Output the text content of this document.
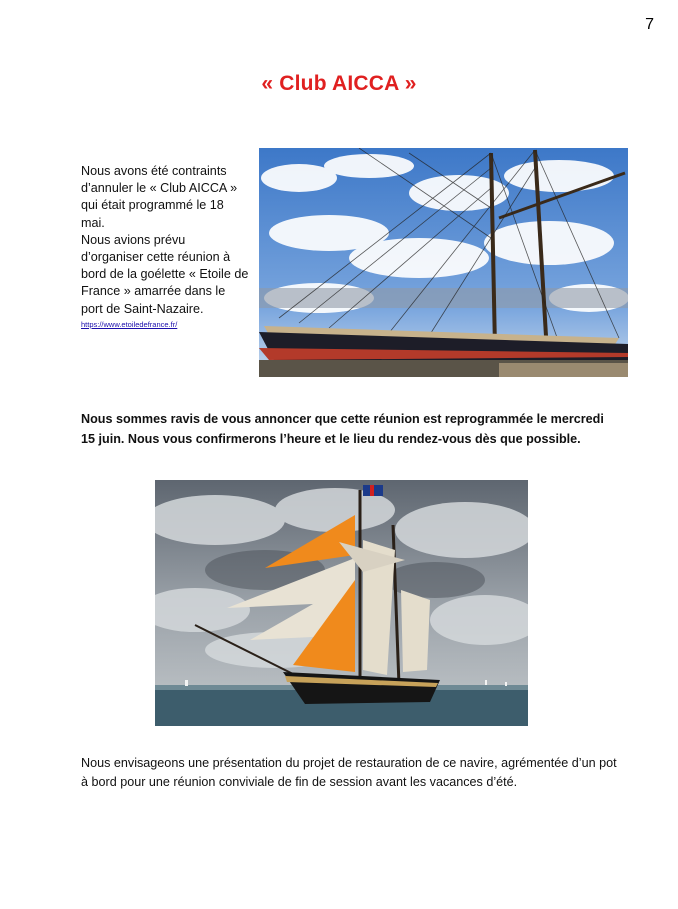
7
« Club AICCA »

Nous avons été contraints d’annuler le « Club AICCA » qui était programmé le 18 mai.

Nous avions prévu d’organiser cette réunion à bord de la goélette « Etoile de France » amarrée dans le port de Saint-Nazaire.

https://www.etoiledefrance.fr/

Nous sommes ravis de vous annoncer que cette réunion est reprogrammée le mercredi 15 juin. Nous vous confirmerons l’heure et le lieu du rendez-vous dès que possible.

Nous envisageons une présentation du projet de restauration de ce navire, agrémentée d’un pot à bord pour une réunion conviviale de fin de session avant les vacances d’été.
